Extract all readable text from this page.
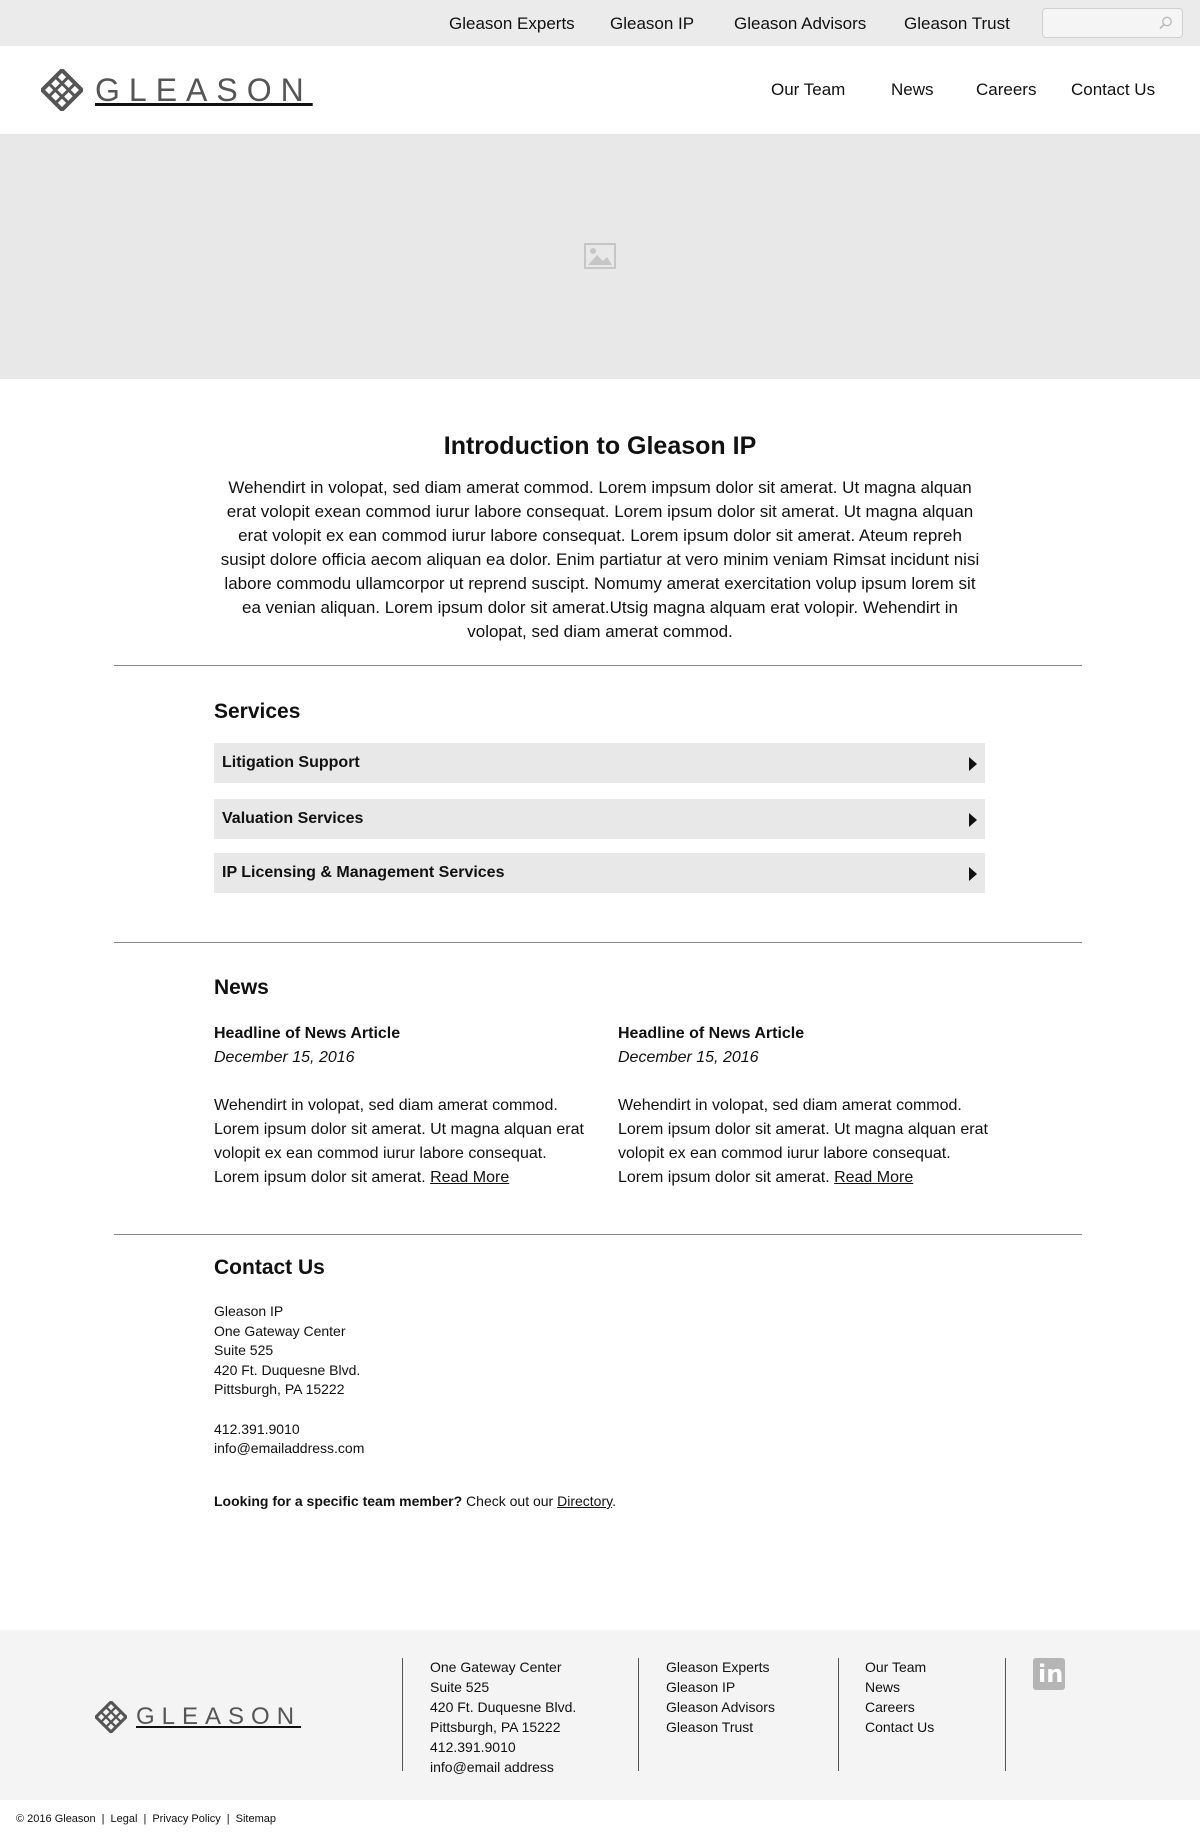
Gleason Experts Gleason IP Gleason Advisors Gleason Trust
GLEASON	Our Team	News Careers Contact Us
Introduction to Gleason IP

Wehendirt in volopat, sed diam amerat commod. Lorem impsum dolor sit amerat. Ut magna alquan erat volopit exean commod iurur labore consequat. Lorem ipsum dolor sit amerat. Ut magna alquan erat volopit ex ean commod iurur labore consequat. Lorem ipsum dolor sit amerat. Ateum repreh susipt dolore officia aecom aliquan ea dolor. Enim partiatur at vero minim veniam Rimsat incidunt nisi labore commodu ullamcorpor ut reprend suscipt. Nomumy amerat exercitation volup ipsum lorem sit ea venian aliquan. Lorem ipsum dolor sit amerat.Utsig magna alquam erat volopir. Wehendirt in volopat, sed diam amerat commod.

Services
Litigation Support
Valuation Services
IP Licensing & Management Services
News
Headline of News Article
December 15, 2016

Wehendirt in volopat, sed diam amerat commod. Lorem ipsum dolor sit amerat. Ut magna alquan erat volopit ex ean commod iurur labore consequat. Lorem ipsum dolor sit amerat. Read More

Headline of News Article
December 15, 2016

Wehendirt in volopat, sed diam amerat commod. Lorem ipsum dolor sit amerat. Ut magna alquan erat volopit ex ean commod iurur labore consequat. Lorem ipsum dolor sit amerat. Read More

Contact Us
Gleason IP
One Gateway Center
Suite 525
420 Ft. Duquesne Blvd.
Pittsburgh, PA 15222
412.391.9010
info@emailaddress.com

Looking for a specific team member? Check out our Directory.

GLEASON
One Gateway Center
Suite 525
420 Ft. Duquesne Blvd.
Pittsburgh, PA 15222
412.391.9010
info@email address
Gleason Experts
Gleason IP
Gleason Advisors
Gleason Trust
Our Team
News
Careers
Contact Us
in
© 2016 Gleason | Legal | Privacy Policy | Sitemap
